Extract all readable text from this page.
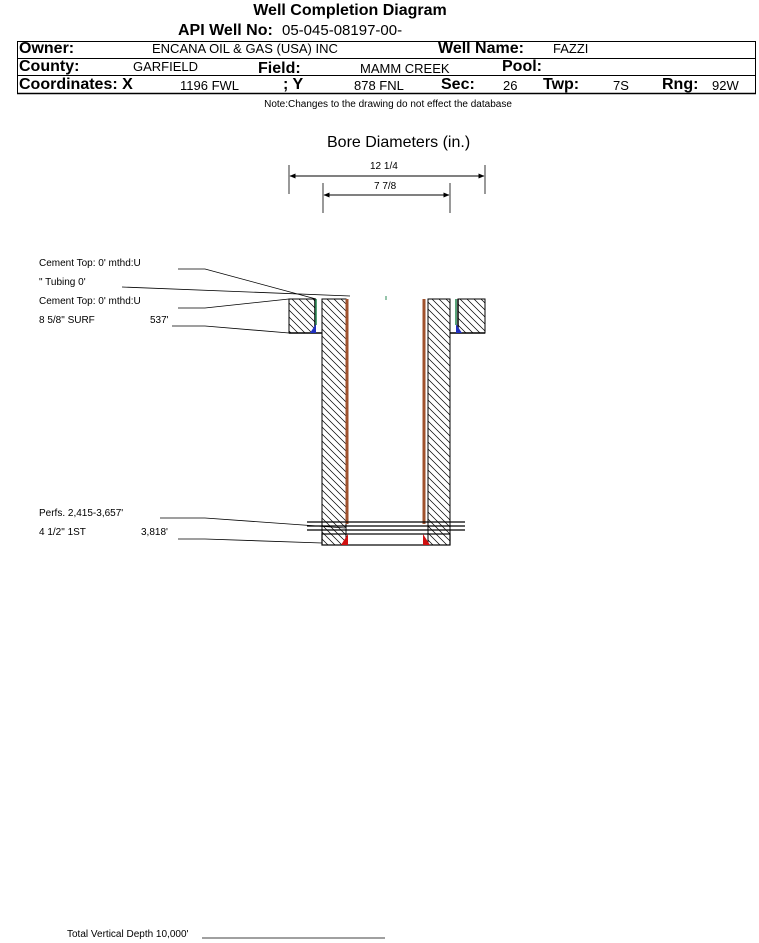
Well Completion Diagram
API Well No: 05-045-08197-00-
Owner:	ENCANA OIL & GAS (USA) INC	Well Name: FAZZI
County:	GARFIELD	Field:	MAMM CREEK	Pool:
Coordinates: X	1196 FWL	; Y	878 FNL Sec: 26 Twp:	7S Rng: 92W
Note:Changes to the drawing do not effect the database
Bore Diameters (in.)
12 1/4
7 7/8
Cement Top: 0' mthd:U
" Tubing 0'
Cement Top: 0' mthd:U
8 5/8" SURF	537'
Perfs. 2,415-3,657'
4 1/2" 1ST	3,818'
Total Vertical Depth 10,000'
